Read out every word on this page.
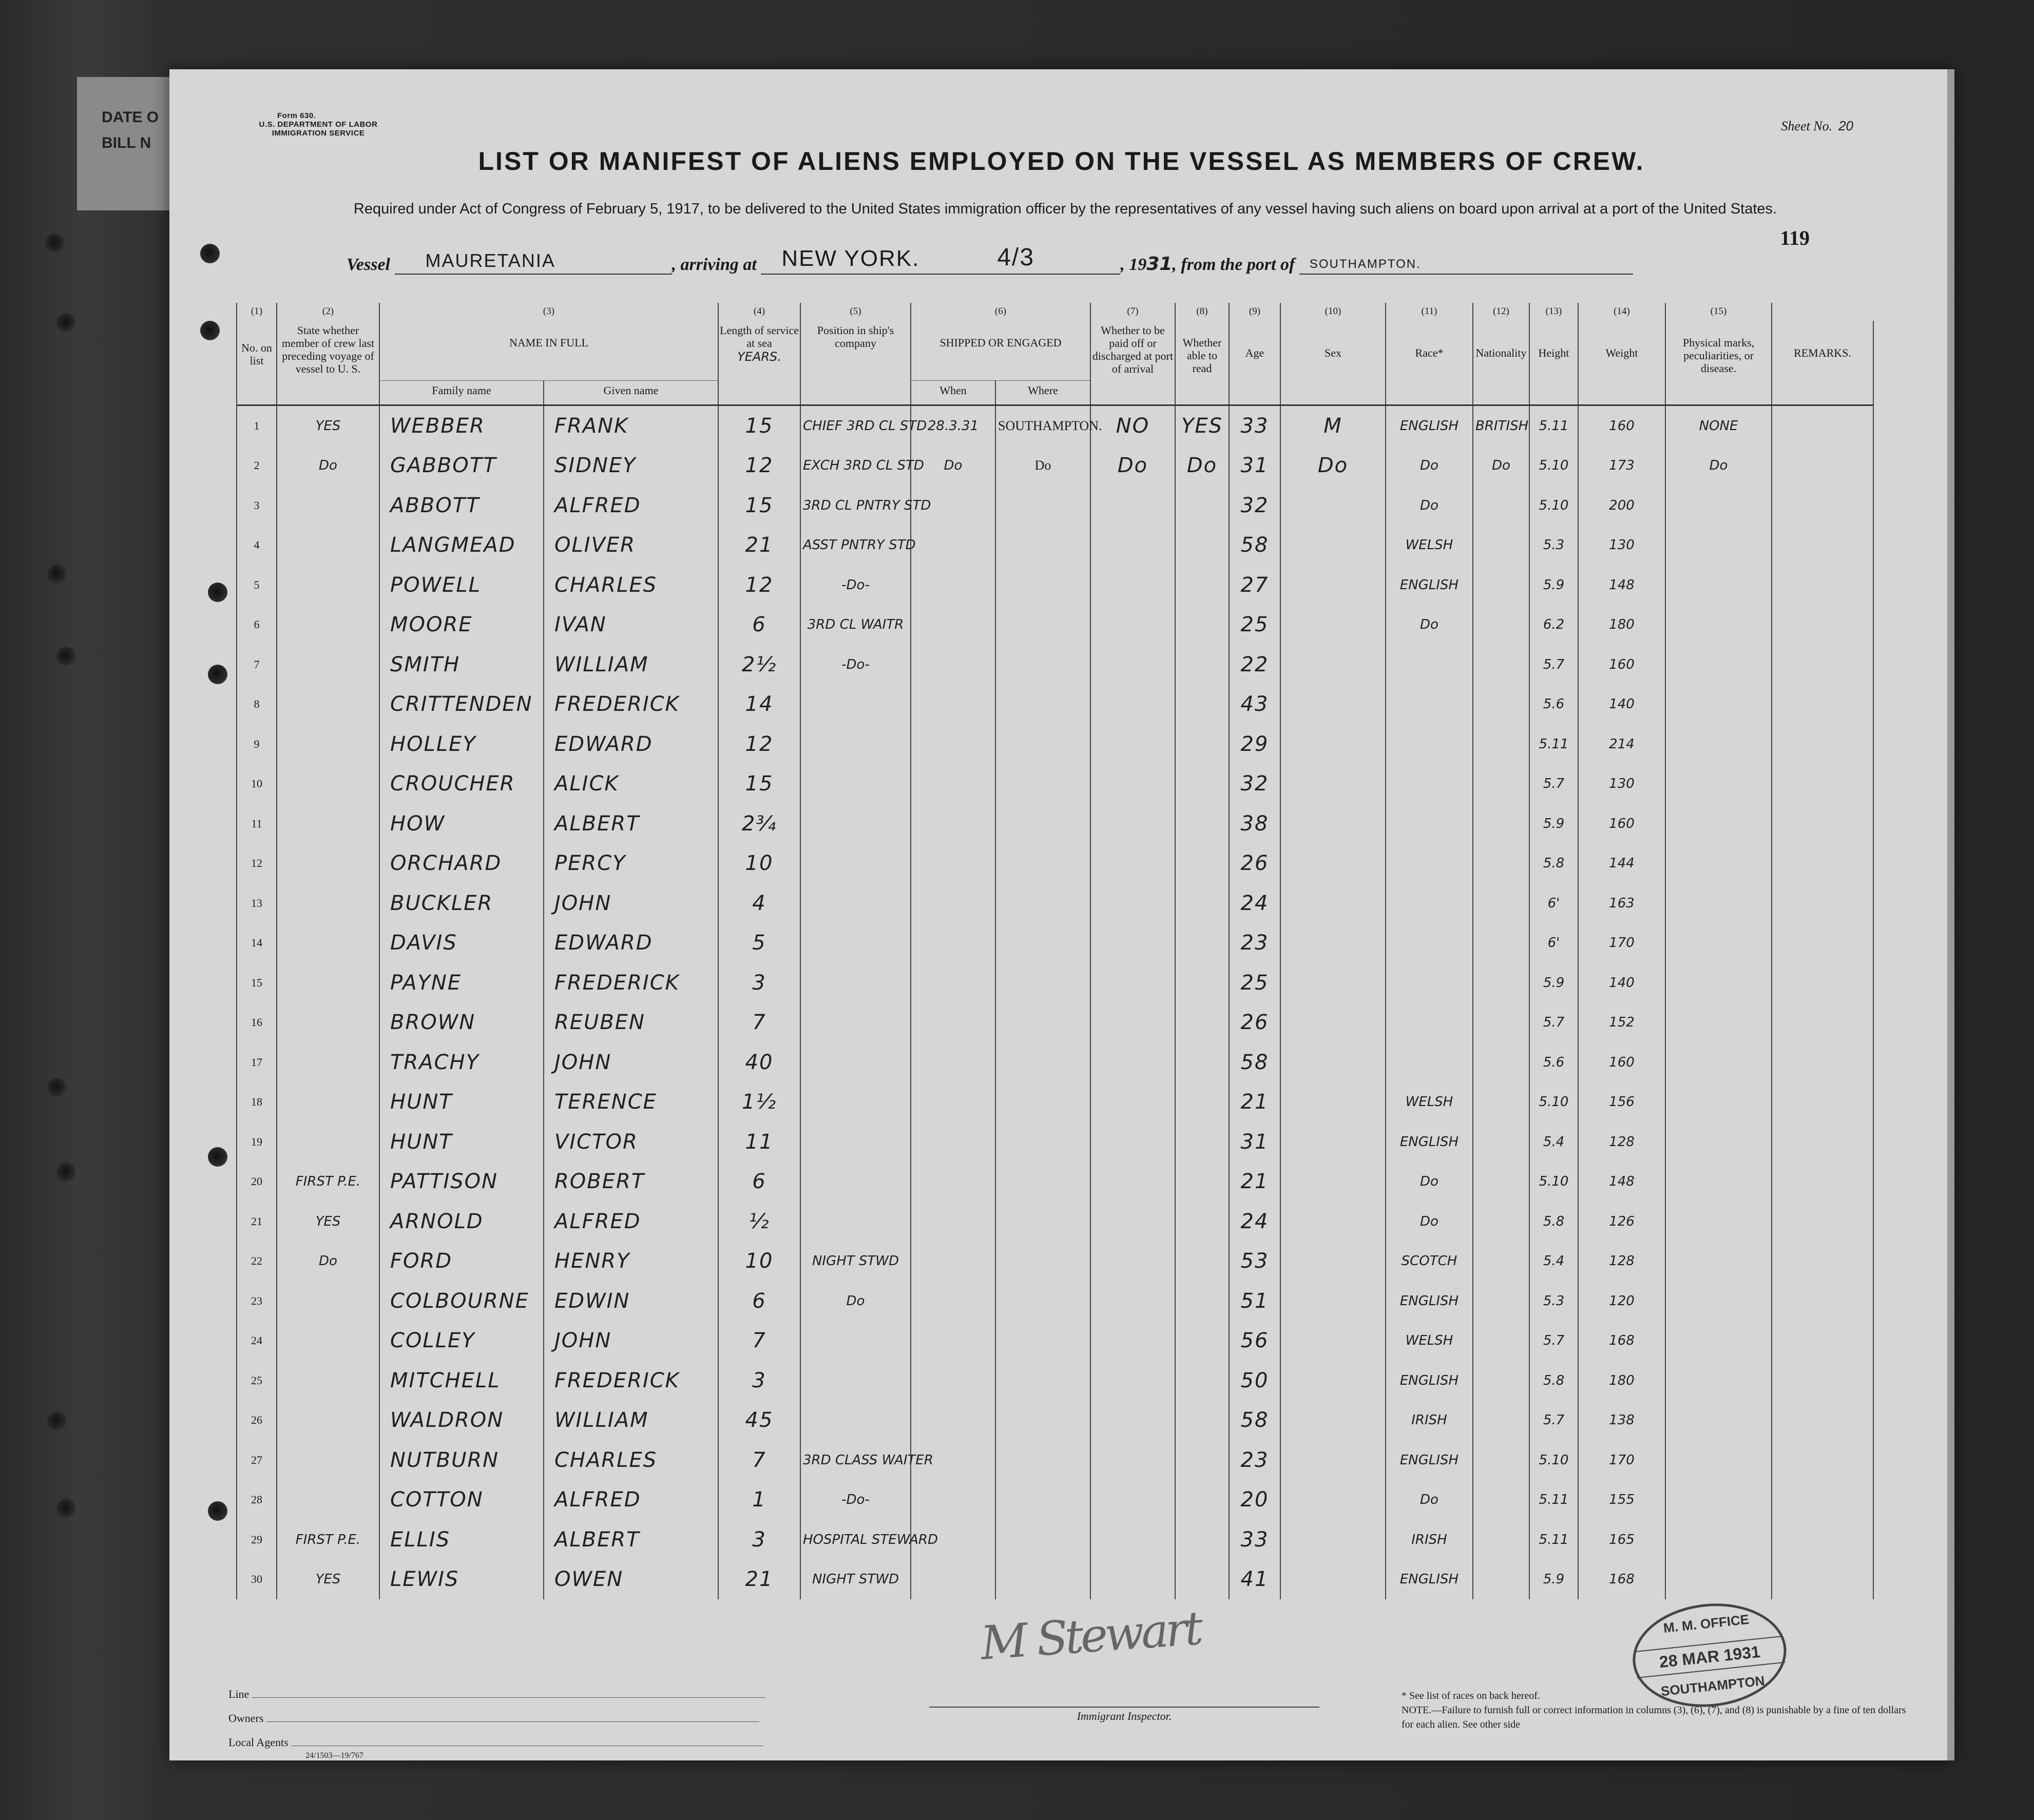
DATE O
BILL N
Form 630.
U.S. DEPARTMENT OF LABOR
IMMIGRATION SERVICE	Sheet No. 20
LIST OR MANIFEST OF ALIENS EMPLOYED ON THE VESSEL AS MEMBERS OF CREW.
Required under Act of Congress of February 5, 1917, to be delivered to the United States immigration officer by the representatives of any vessel having such aliens on board upon arrival at a port of the United States.
119
Vessel MAURETANIA	, arriving at NEW YORK.	4/3	, 1931, from the port of SOUTHAMPTON.
(1)	(2)	(3)		(4)	(5)	(6)		(7)	(8)	(9)	(10)	(11)	(12)	(13)	(14)	(15)	
No. on list	State whether member of crew last preceding voyage of vessel to U. S.	NAME IN FULL		Length of service at sea
YEARS.	Position in ship's company	SHIPPED OR ENGAGED		Whether to be paid off or discharged at port of arrival	Whether able to read	Age	Sex	Race*	Nationality	Height	Weight	Physical marks, peculiarities, or disease.	REMARKS.
		Family name	Given name			When	Where										

1	YES	WEBBER	FRANK	15	CHIEF 3RD CL STD	28.3.31	SOUTHAMPTON.	NO	YES	33	M	ENGLISH	BRITISH	5.11	160	NONE	
2	Do	GABBOTT	SIDNEY	12	EXCH 3RD CL STD	Do	Do	Do	Do	31	Do	Do	Do	5.10	173	Do	
3		ABBOTT	ALFRED	15	3RD CL PNTRY STD					32		Do		5.10	200		
4		LANGMEAD	OLIVER	21	ASST PNTRY STD					58		WELSH		5.3	130		
5		POWELL	CHARLES	12	-Do-					27		ENGLISH		5.9	148		
6		MOORE	IVAN	6	3RD CL WAITR					25		Do		6.2	180		
7		SMITH	WILLIAM	2½	-Do-					22				5.7	160		
8		CRITTENDEN	FREDERICK	14						43				5.6	140		
9		HOLLEY	EDWARD	12						29				5.11	214		
10		CROUCHER	ALICK	15						32				5.7	130		
11		HOW	ALBERT	2¾						38				5.9	160		
12		ORCHARD	PERCY	10						26				5.8	144		
13		BUCKLER	JOHN	4						24				6'	163		
14		DAVIS	EDWARD	5						23				6'	170		
15		PAYNE	FREDERICK	3						25				5.9	140		
16		BROWN	REUBEN	7						26				5.7	152		
17		TRACHY	JOHN	40						58				5.6	160		
18		HUNT	TERENCE	1½						21		WELSH		5.10	156		
19		HUNT	VICTOR	11						31		ENGLISH		5.4	128		
20	FIRST P.E.	PATTISON	ROBERT	6						21		Do		5.10	148		
21	YES	ARNOLD	ALFRED	½						24		Do		5.8	126		
22	Do	FORD	HENRY	10	NIGHT STWD					53		SCOTCH		5.4	128		
23		COLBOURNE	EDWIN	6	Do					51		ENGLISH		5.3	120		
24		COLLEY	JOHN	7						56		WELSH		5.7	168		
25		MITCHELL	FREDERICK	3						50		ENGLISH		5.8	180		
26		WALDRON	WILLIAM	45						58		IRISH		5.7	138		
27		NUTBURN	CHARLES	7	3RD CLASS WAITER					23		ENGLISH		5.10	170		
28		COTTON	ALFRED	1	-Do-					20		Do		5.11	155		
29	FIRST P.E.	ELLIS	ALBERT	3	HOSPITAL STEWARD					33		IRISH		5.11	165		
30	YES	LEWIS	OWEN	21	NIGHT STWD					41		ENGLISH		5.9	168		
Line
Owners
Local Agents
24/1503—19/767
Immigrant Inspector.
* See list of races on back hereof.
NOTE.—Failure to furnish full or correct information in columns (3), (6), (7), and (8) is punishable by a fine of ten dollars for each alien. See other side
M Stewart	M. M. OFFICE
28 MAR 1931
SOUTHAMPTON
